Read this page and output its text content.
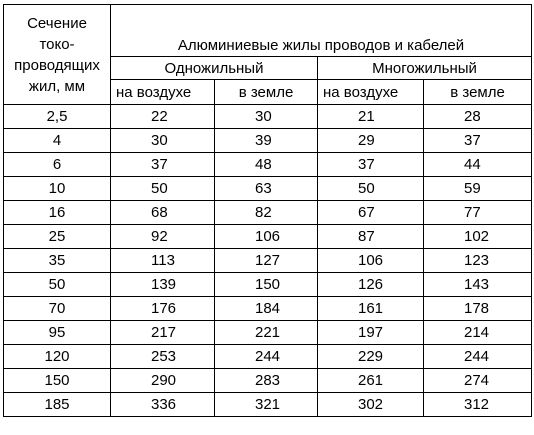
Сечение
токо-
проводящих
жил, мм	Алюминиевые жилы проводов и кабелей			
	Одножильный		Многожильный	
	на воздухе	в земле	на воздухе	в земле
2,5	22	30	21	28
4	30	39	29	37
6	37	48	37	44
10	50	63	50	59
16	68	82	67	77
25	92	106	87	102
35	113	127	106	123
50	139	150	126	143
70	176	184	161	178
95	217	221	197	214
120	253	244	229	244
150	290	283	261	274
185	336	321	302	312
